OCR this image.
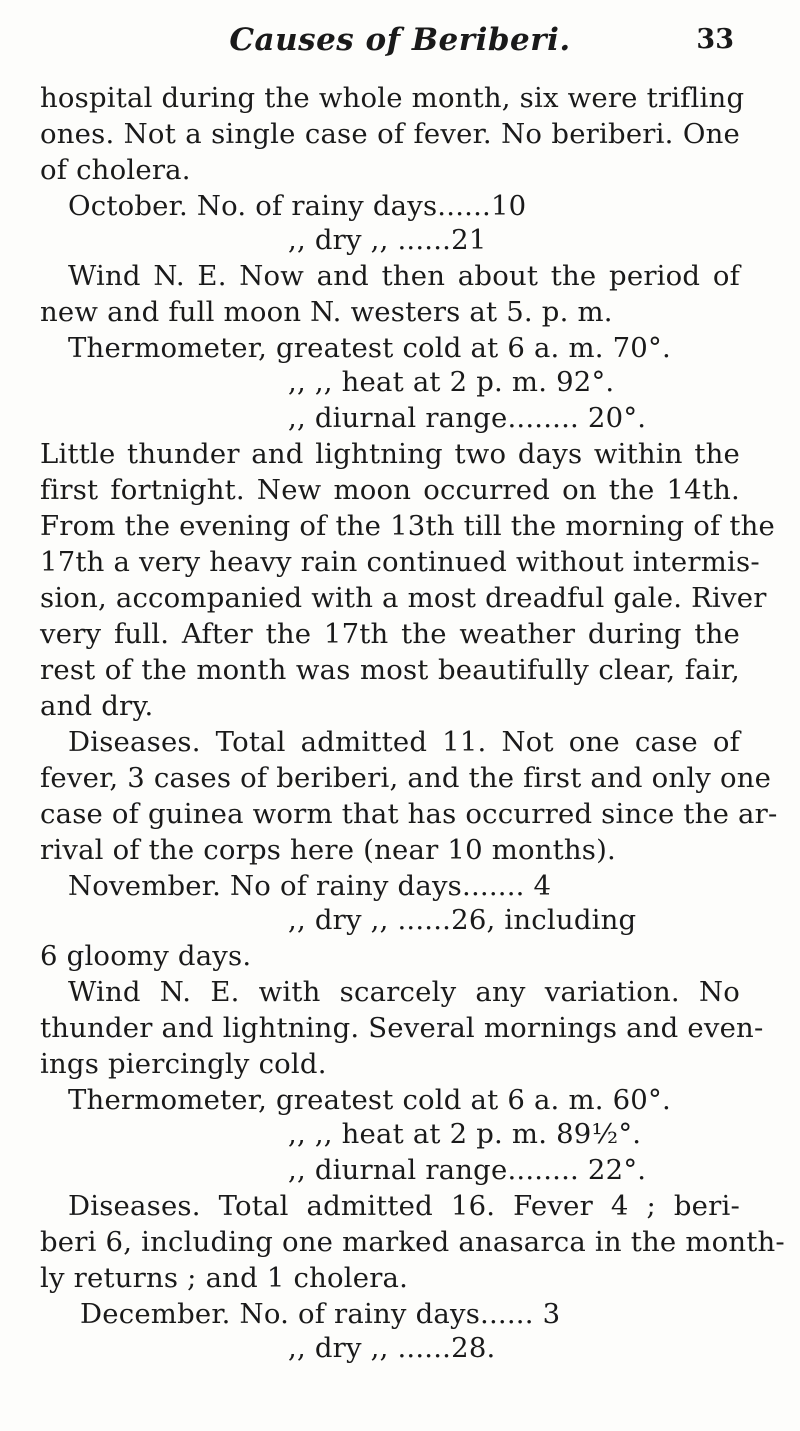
Causes of Beriberi.	33
hospital during the whole month, six were trifling
ones. Not a single case of fever. No beriberi. One
of cholera.
October. No. of rainy days......10
,, dry ,, ......21
Wind N. E. Now and then about the period of
new and full moon N. westers at 5. p. m.
Thermometer, greatest cold at 6 a. m. 70°.
,, ,, heat at 2 p. m. 92°.
,, diurnal range........ 20°.
Little thunder and lightning two days within the
first fortnight. New moon occurred on the 14th.
From the evening of the 13th till the morning of the
17th a very heavy rain continued without intermis-
sion, accompanied with a most dreadful gale. River
very full. After the 17th the weather during the
rest of the month was most beautifully clear, fair,
and dry.
Diseases. Total admitted 11. Not one case of
fever, 3 cases of beriberi, and the first and only one
case of guinea worm that has occurred since the ar-
rival of the corps here (near 10 months).
November. No of rainy days....... 4
,, dry ,, ......26, including
6 gloomy days.
Wind N. E. with scarcely any variation. No
thunder and lightning. Several mornings and even-
ings piercingly cold.
Thermometer, greatest cold at 6 a. m. 60°.
,, ,, heat at 2 p. m. 89½°.
,, diurnal range........ 22°.
Diseases. Total admitted 16. Fever 4 ; beri-
beri 6, including one marked anasarca in the month-
ly returns ; and 1 cholera.
December. No. of rainy days...... 3
,, dry ,, ......28.
